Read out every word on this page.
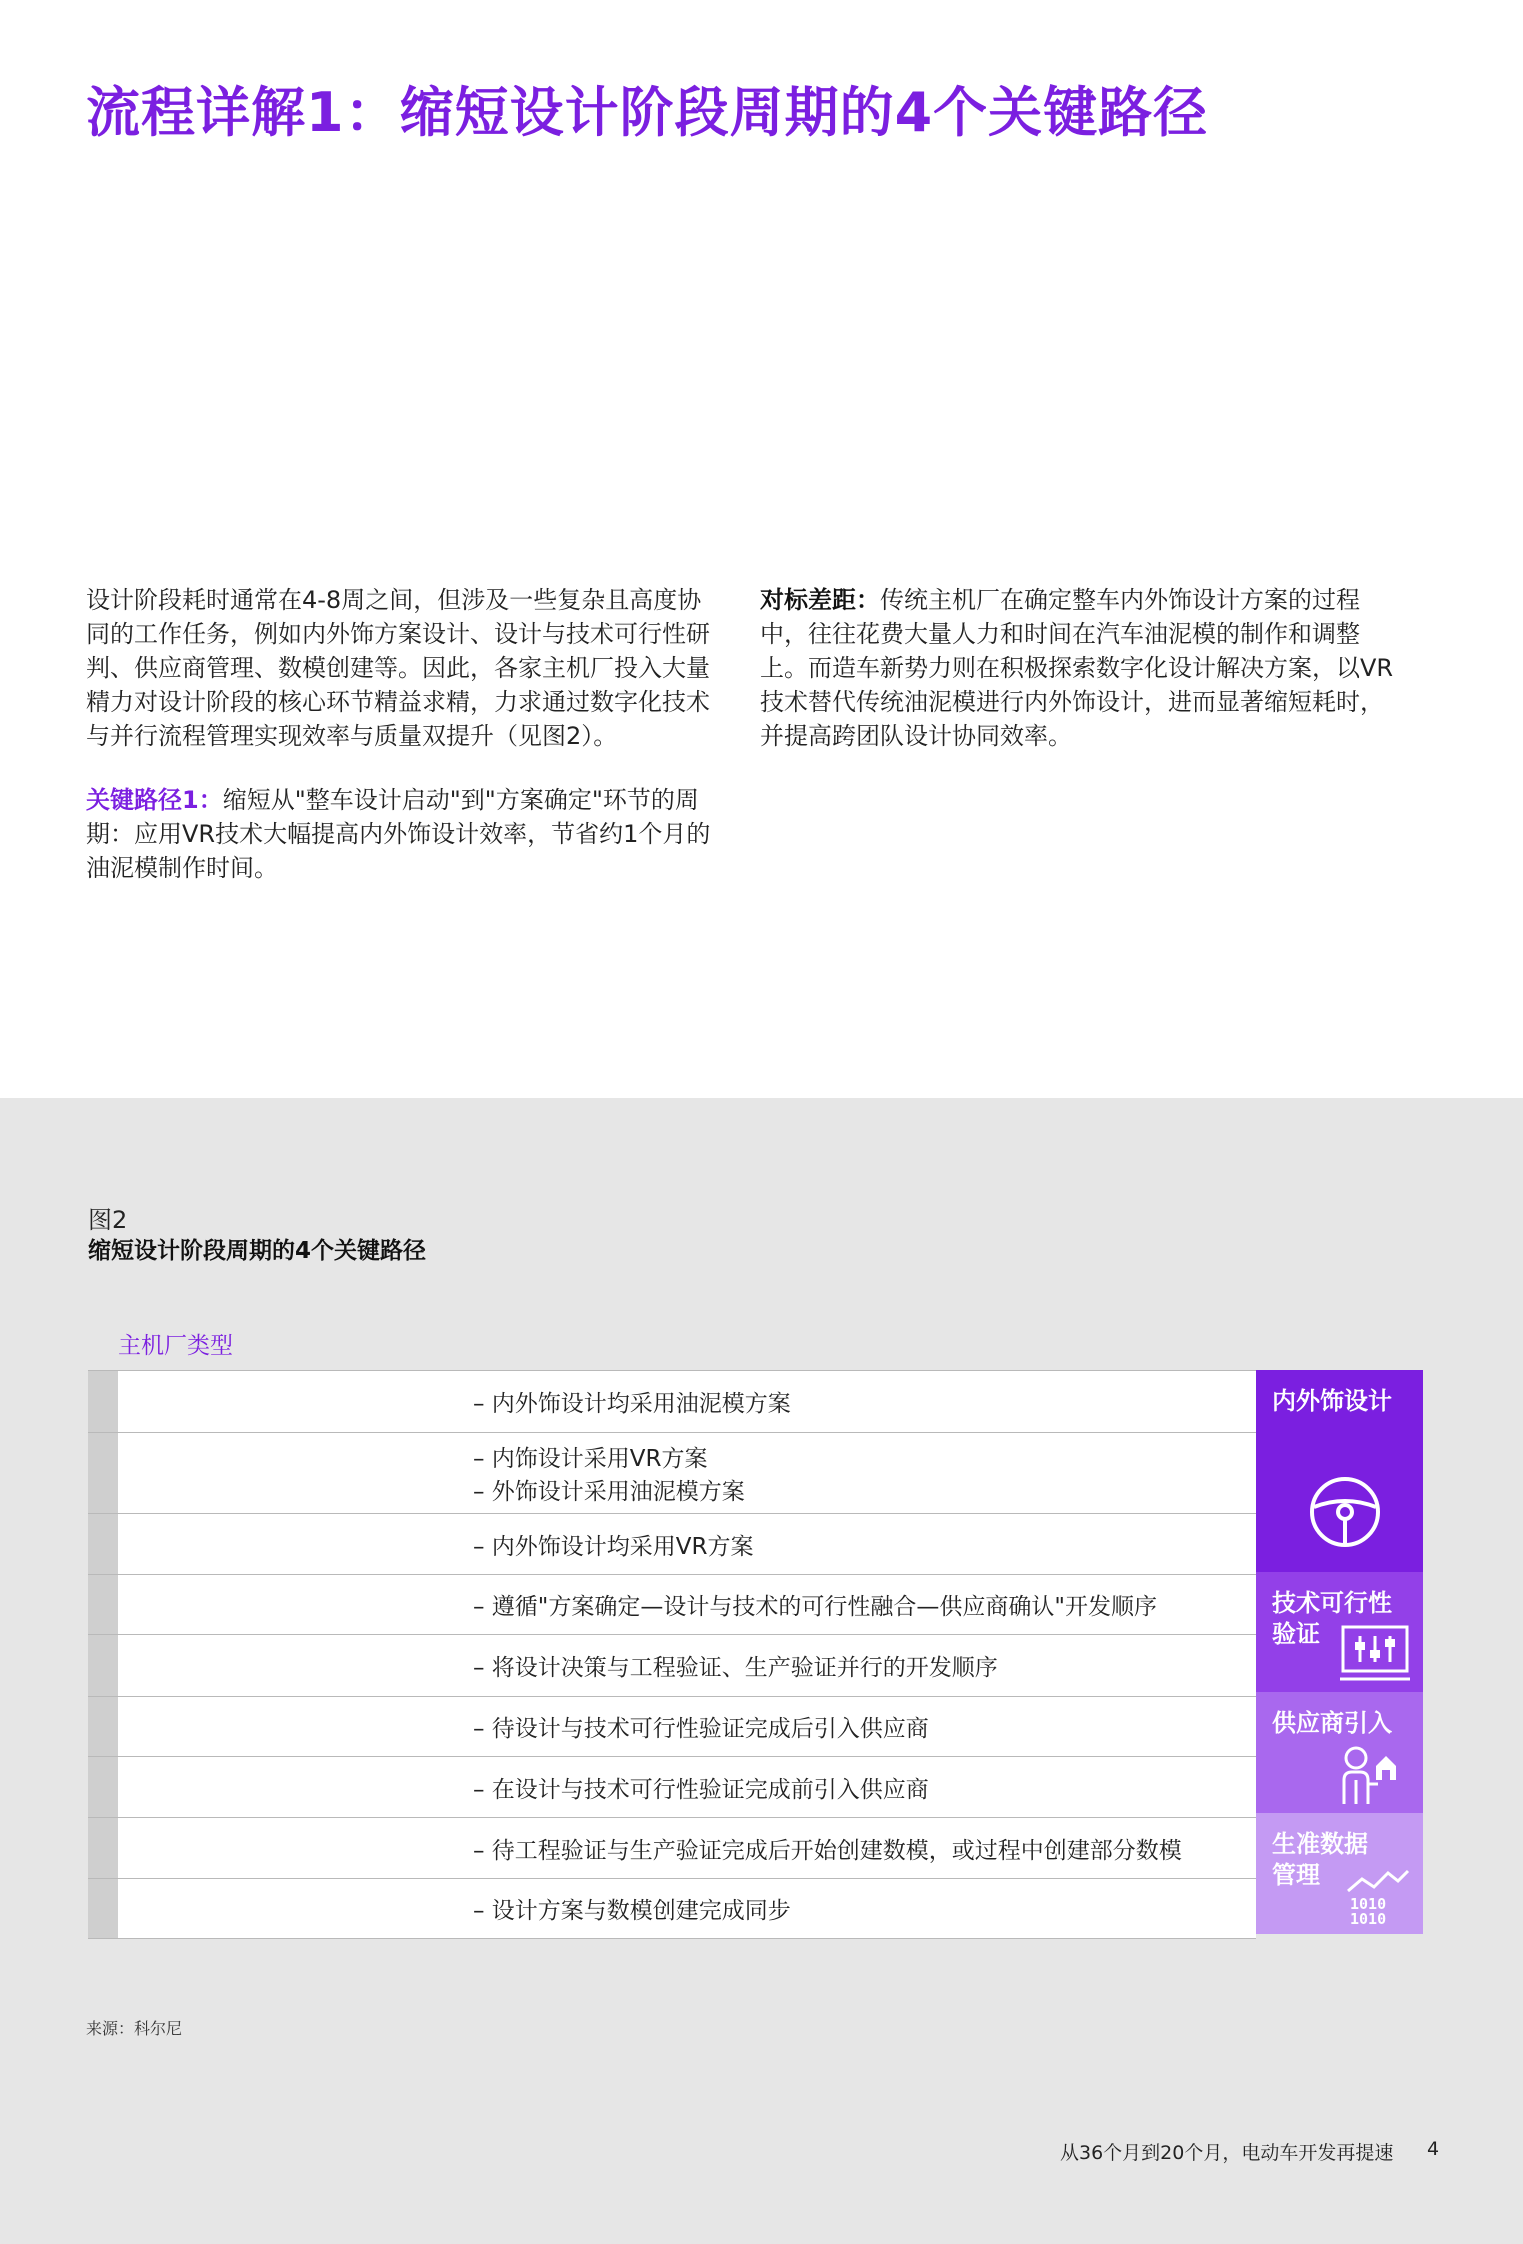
流程详解1：缩短设计阶段周期的4个关键路径

设计阶段耗时通常在4-8周之间，但涉及一些复杂且高度协同的工作任务，例如内外饰方案设计、设计与技术可行性研判、供应商管理、数模创建等。因此，各家主机厂投入大量精力对设计阶段的核心环节精益求精，力求通过数字化技术与并行流程管理实现效率与质量双提升（见图2）。

关键路径1：缩短从"整车设计启动"到"方案确定"环节的周期：应用VR技术大幅提高内外饰设计效率，节省约1个月的油泥模制作时间。

对标差距：传统主机厂在确定整车内外饰设计方案的过程中，往往花费大量人力和时间在汽车油泥模的制作和调整上。而造车新势力则在积极探索数字化设计解决方案，以VR技术替代传统油泥模进行内外饰设计，进而显著缩短耗时，并提高跨团队设计协同效率。

图2
缩短设计阶段周期的4个关键路径
主机厂类型
– 内外饰设计均采用油泥模方案
– 内饰设计采用VR方案
– 外饰设计采用油泥模方案
– 内外饰设计均采用VR方案
– 遵循"方案确定—设计与技术的可行性融合—供应商确认"开发顺序
– 将设计决策与工程验证、生产验证并行的开发顺序
– 待设计与技术可行性验证完成后引入供应商
– 在设计与技术可行性验证完成前引入供应商
– 待工程验证与生产验证完成后开始创建数模，或过程中创建部分数模
– 设计方案与数模创建完成同步
内外饰设计
技术可行性
验证
供应商引入
生准数据
管理
1010
1010
来源：科尔尼
从36个月到20个月，电动车开发再提速 4
